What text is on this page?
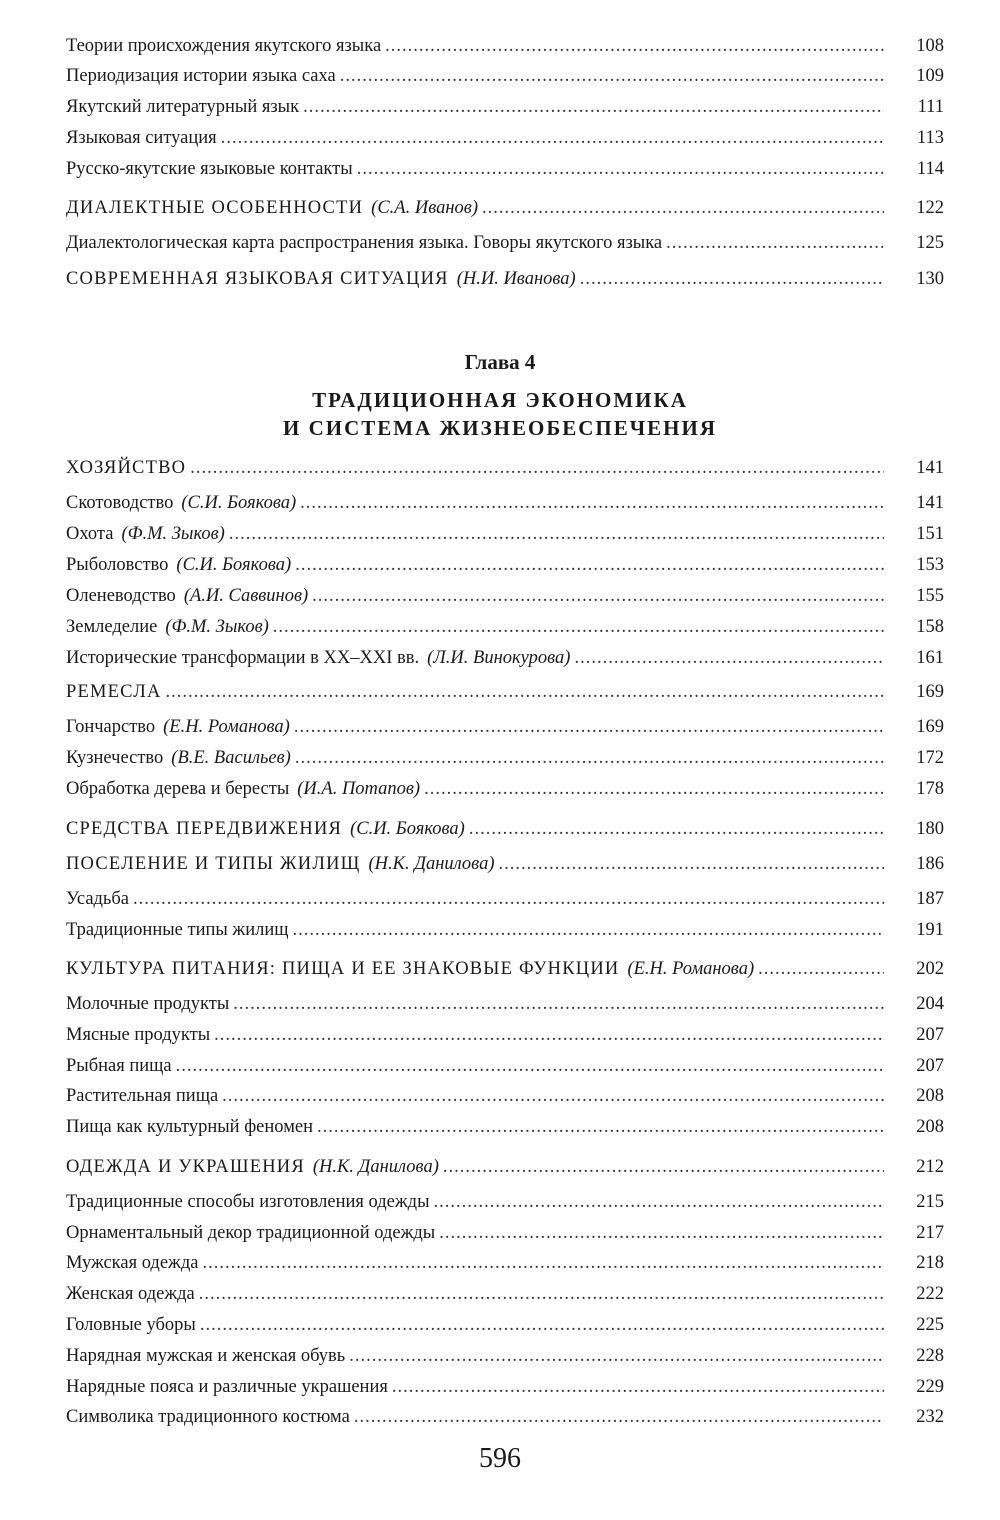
Теории происхождения якутского языка .....	108
Периодизация истории языка саха .....	109
Якутский литературный язык .....	111
Языковая ситуация .....	113
Русско-якутские языковые контакты .....	114
ДИАЛЕКТНЫЕ ОСОБЕННОСТИ (С.А. Иванов) .....	122
Диалектологическая карта распространения языка. Говоры якутского языка .....	125
СОВРЕМЕННАЯ ЯЗЫКОВАЯ СИТУАЦИЯ (Н.И. Иванова) .....	130
Глава 4
ТРАДИЦИОННАЯ ЭКОНОМИКА
И СИСТЕМА ЖИЗНЕОБЕСПЕЧЕНИЯ
ХОЗЯЙСТВО .....	141
Скотоводство (С.И. Боякова) .....	141
Охота (Ф.М. Зыков) .....	151
Рыболовство (С.И. Боякова) .....	153
Оленеводство (А.И. Саввинов) .....	155
Земледелие (Ф.М. Зыков) .....	158
Исторические трансформации в XX–XXI вв. (Л.И. Винокурова) .....	161
РЕМЕСЛА .....	169
Гончарство (Е.Н. Романова) .....	169
Кузнечество (В.Е. Васильев) .....	172
Обработка дерева и бересты (И.А. Потапов) .....	178
СРЕДСТВА ПЕРЕДВИЖЕНИЯ (С.И. Боякова) .....	180
ПОСЕЛЕНИЕ И ТИПЫ ЖИЛИЩ (Н.К. Данилова) .....	186
Усадьба .....	187
Традиционные типы жилищ .....	191
КУЛЬТУРА ПИТАНИЯ: ПИЩА И ЕЕ ЗНАКОВЫЕ ФУНКЦИИ (Е.Н. Романова) .....	202
Молочные продукты .....	204
Мясные продукты .....	207
Рыбная пища .....	207
Растительная пища .....	208
Пища как культурный феномен .....	208
ОДЕЖДА И УКРАШЕНИЯ (Н.К. Данилова) .....	212
Традиционные способы изготовления одежды .....	215
Орнаментальный декор традиционной одежды .....	217
Мужская одежда .....	218
Женская одежда .....	222
Головные уборы .....	225
Нарядная мужская и женская обувь .....	228
Нарядные пояса и различные украшения .....	229
Символика традиционного костюма .....	232
596
